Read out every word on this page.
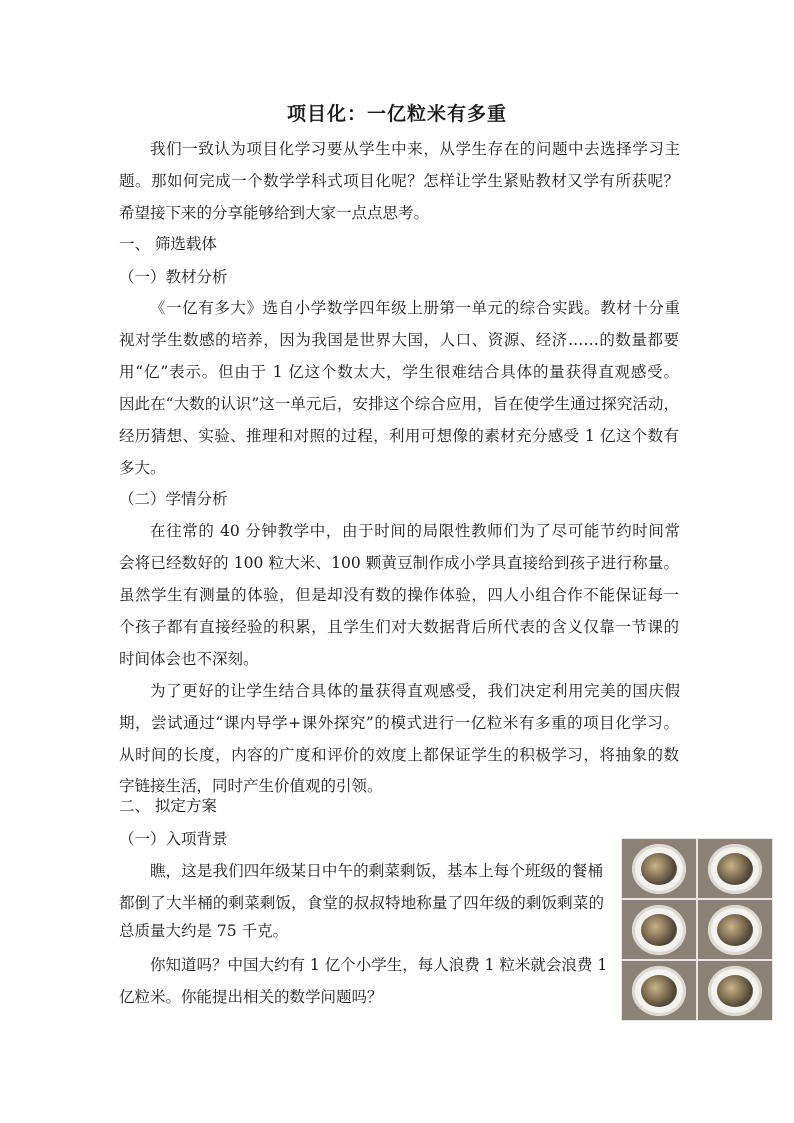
项目化：一亿粒米有多重
我们一致认为项目化学习要从学生中来，从学生存在的问题中去选择学习主
题。那如何完成一个数学学科式项目化呢？怎样让学生紧贴教材又学有所获呢？
希望接下来的分享能够给到大家一点点思考。
一、 筛选载体
（一）教材分析
《一亿有多大》选自小学数学四年级上册第一单元的综合实践。教材十分重
视对学生数感的培养，因为我国是世界大国，人口、资源、经济……的数量都要
用“亿”表示。但由于 1 亿这个数太大，学生很难结合具体的量获得直观感受。
因此在“大数的认识”这一单元后，安排这个综合应用，旨在使学生通过探究活动，
经历猜想、实验、推理和对照的过程，利用可想像的素材充分感受 1 亿这个数有
多大。
（二）学情分析
在往常的 40 分钟教学中，由于时间的局限性教师们为了尽可能节约时间常
会将已经数好的 100 粒大米、100 颗黄豆制作成小学具直接给到孩子进行称量。
虽然学生有测量的体验，但是却没有数的操作体验，四人小组合作不能保证每一
个孩子都有直接经验的积累，且学生们对大数据背后所代表的含义仅靠一节课的
时间体会也不深刻。
为了更好的让学生结合具体的量获得直观感受，我们决定利用完美的国庆假
期，尝试通过“课内导学+课外探究”的模式进行一亿粒米有多重的项目化学习。
从时间的长度，内容的广度和评价的效度上都保证学生的积极学习，将抽象的数
字链接生活，同时产生价值观的引领。
二、 拟定方案
（一）入项背景
瞧，这是我们四年级某日中午的剩菜剩饭，基本上每个班级的餐桶
都倒了大半桶的剩菜剩饭，食堂的叔叔特地称量了四年级的剩饭剩菜的
总质量大约是 75 千克。
你知道吗？中国大约有 1 亿个小学生，每人浪费 1 粒米就会浪费 1
亿粒米。你能提出相关的数学问题吗？
